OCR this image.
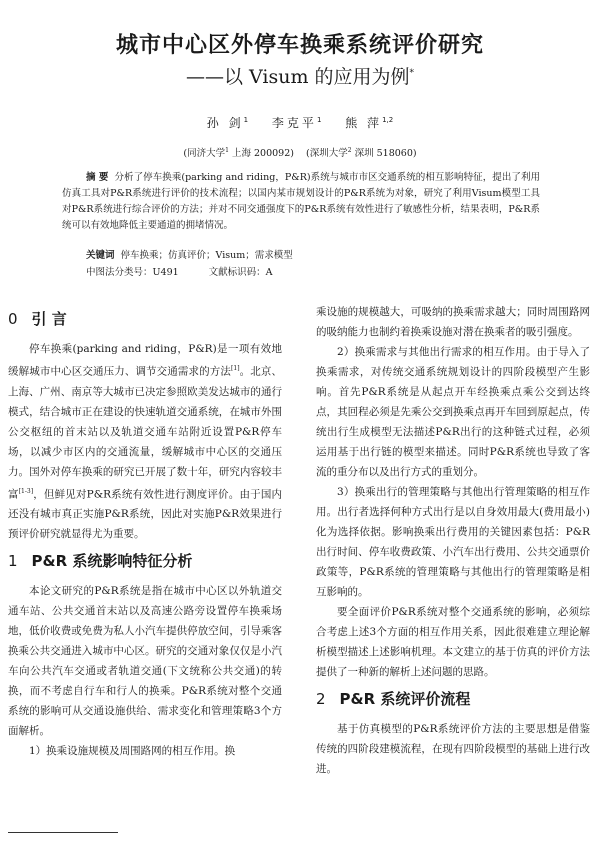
城市中心区外停车换乘系统评价研究
——以 Visum 的应用为例*
孙 剑$^1$ 李克平$^1$ 熊 萍$^{1,2}$
(同济大学$^1$ 上海 200092) (深圳大学$^2$ 深圳 518060)
摘 要 分析了停车换乘(parking and riding，P&R)系统与城市市区交通系统的相互影响特征，提出了利用仿真工具对P&R系统进行评价的技术流程；以国内某市规划设计的P&R系统为对象，研究了利用Visum模型工具对P&R系统进行综合评价的方法；并对不同交通强度下的P&R系统有效性进行了敏感性分析，结果表明，P&R系统可以有效地降低主要通道的拥堵情况。
关键词 停车换乘；仿真评价；Visum；需求模型
中图法分类号：U491	文献标识码：A
0 引 言

停车换乘(parking and riding，P&R)是一项有效地缓解城市中心区交通压力、调节交通需求的方法[1]。北京、上海、广州、南京等大城市已决定参照欧美发达城市的通行模式，结合城市正在建设的快速轨道交通系统，在城市外围公交枢纽的首末站以及轨道交通车站附近设置P&R停车场，以减少市区内的交通流量，缓解城市中心区的交通压力。国外对停车换乘的研究已开展了数十年，研究内容较丰富[1-3]，但鲜见对P&R系统有效性进行测度评价。由于国内还没有城市真正实施P&R系统，因此对实施P&R效果进行预评价研究就显得尤为重要。

1 P&R 系统影响特征分析

本论文研究的P&R系统是指在城市中心区以外轨道交通车站、公共交通首末站以及高速公路旁设置停车换乘场地，低价收费或免费为私人小汽车提供停放空间，引导乘客换乘公共交通进入城市中心区。研究的交通对象仅仅是小汽车向公共汽车交通或者轨道交通(下文统称公共交通)的转换，而不考虑自行车和行人的换乘。P&R系统对整个交通系统的影响可从交通设施供给、需求变化和管理策略3个方面解析。

1）换乘设施规模及周围路网的相互作用。换

乘设施的规模越大，可吸纳的换乘需求越大；同时周围路网的吸纳能力也制约着换乘设施对潜在换乘者的吸引强度。

2）换乘需求与其他出行需求的相互作用。由于导入了换乘需求，对传统交通系统规划设计的四阶段模型产生影响。首先P&R系统是从起点开车经换乘点乘公交到达终点，其回程必须是先乘公交到换乘点再开车回到原起点，传统出行生成模型无法描述P&R出行的这种链式过程，必须运用基于出行链的模型来描述。同时P&R系统也导致了客流的重分布以及出行方式的重划分。

3）换乘出行的管理策略与其他出行管理策略的相互作用。出行者选择何种方式出行是以自身效用最大(费用最小)化为选择依据。影响换乘出行费用的关键因素包括：P&R出行时间、停车收费政策、小汽车出行费用、公共交通票价政策等，P&R系统的管理策略与其他出行的管理策略是相互影响的。

要全面评价P&R系统对整个交通系统的影响，必须综合考虑上述3个方面的相互作用关系，因此很难建立理论解析模型描述上述影响机理。本文建立的基于仿真的评价方法提供了一种新的解析上述问题的思路。

2 P&R 系统评价流程

基于仿真模型的P&R系统评价方法的主要思想是借鉴传统的四阶段建模流程，在现有四阶段模型的基础上进行改进。
